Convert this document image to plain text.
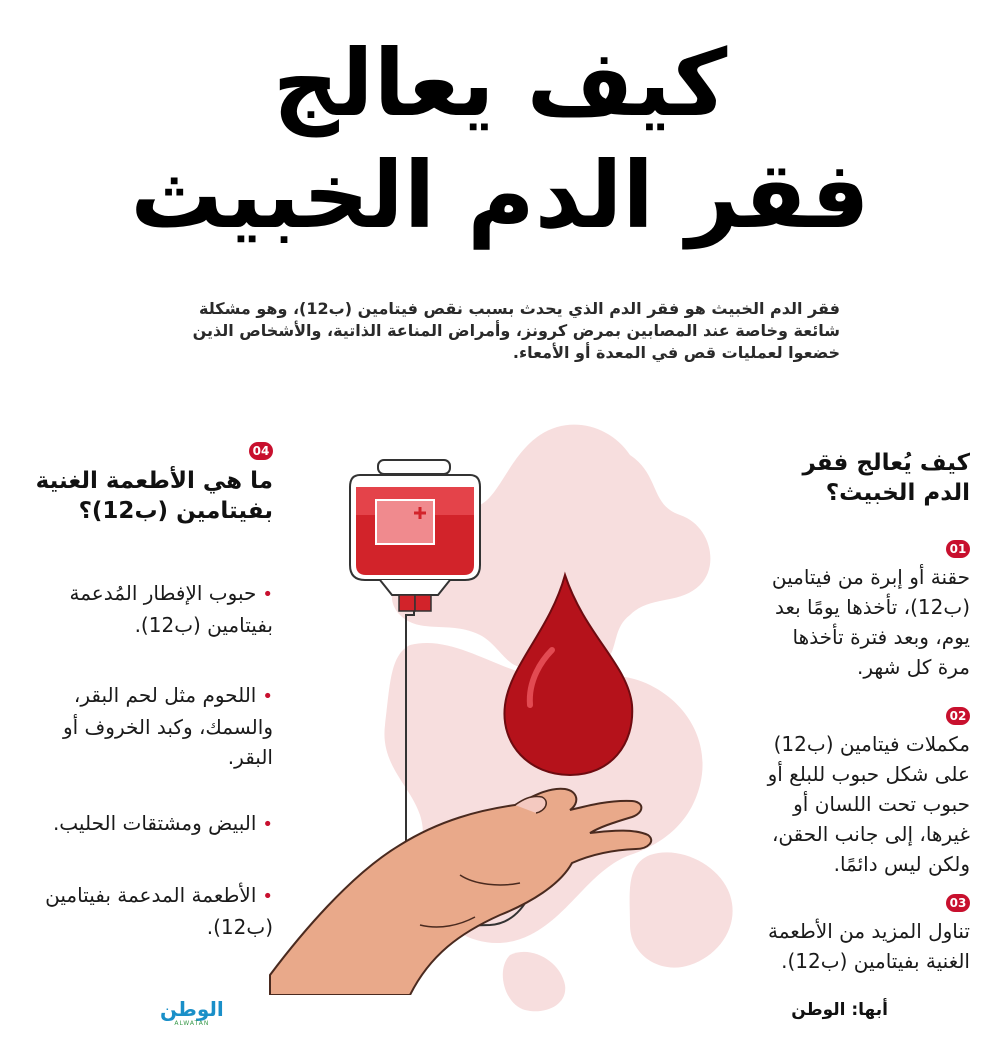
كيف يعالج
فقر الدم الخبيث

فقر الدم الخبيث هو فقر الدم الذي يحدث بسبب نقص فيتامين (ب12)، وهو مشكلة شائعة وخاصة عند المصابين بمرض كرونز، وأمراض المناعة الذاتية، والأشخاص الذين خضعوا لعمليات قص في المعدة أو الأمعاء.

كيف يُعالج فقر الدم الخبيث؟
01

حقنة أو إبرة من فيتامين (ب12)، تأخذها يومًا بعد يوم، وبعد فترة تأخذها مرة كل شهر.

02

مكملات فيتامين (ب12) على شكل حبوب للبلع أو حبوب تحت اللسان أو غيرها، إلى جانب الحقن، ولكن ليس دائمًا.

03

تناول المزيد من الأطعمة الغنية بفيتامين (ب12).

04
ما هي الأطعمة الغنية بفيتامين (ب12)؟
•حبوب الإفطار المُدعمة بفيتامين (ب12).
•اللحوم مثل لحم البقر، والسمك، وكبد الخروف أو البقر.
•البيض ومشتقات الحليب.
•الأطعمة المدعمة بفيتامين (ب12).
أبها: الوطن
الوطن
ALWATAN
